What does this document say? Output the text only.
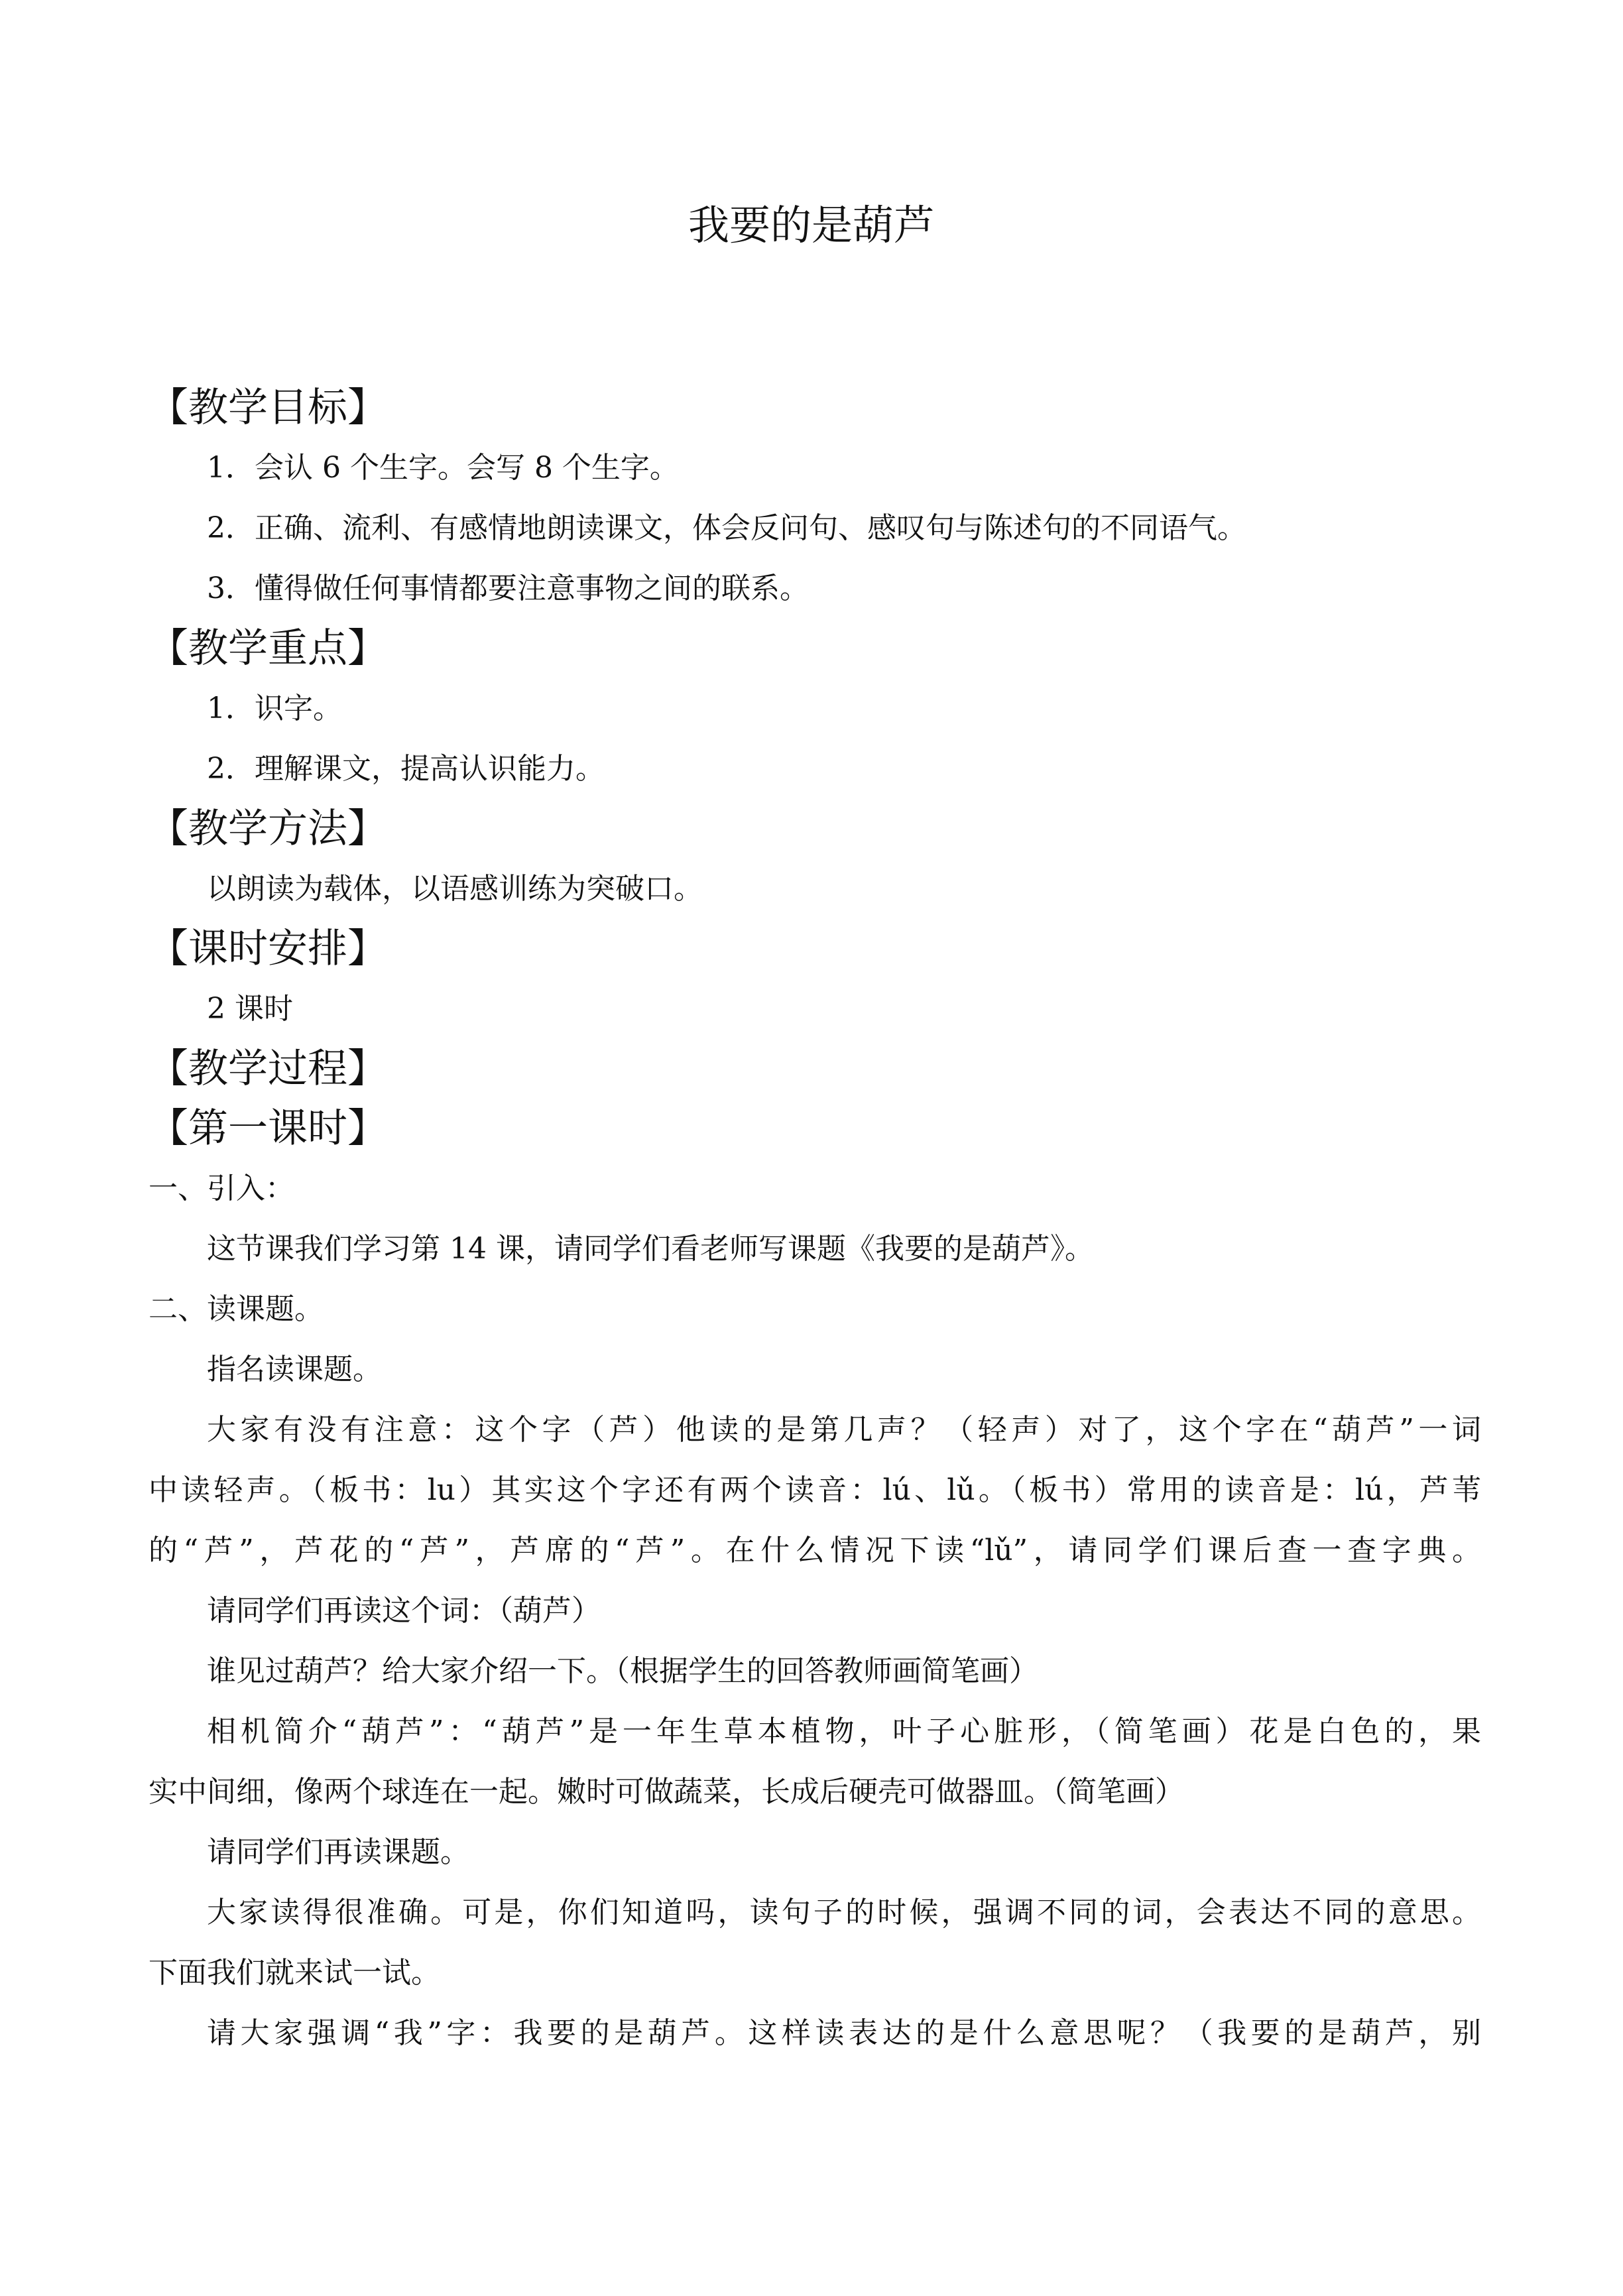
我要的是葫芦
【教学目标】
1．会认 6 个生字。会写 8 个生字。
2．正确、流利、有感情地朗读课文，体会反问句、感叹句与陈述句的不同语气。
3．懂得做任何事情都要注意事物之间的联系。
【教学重点】
1．识字。
2．理解课文，提高认识能力。
【教学方法】
以朗读为载体，以语感训练为突破口。
【课时安排】
2 课时
【教学过程】
【第一课时】
一、引入：
这节课我们学习第 14 课，请同学们看老师写课题《我要的是葫芦》。
二、读课题。
指名读课题。
大家有没有注意：这个字（芦）他读的是第几声？（轻声）对了，这个字在“葫芦”一词
中读轻声。（板书：lu）其实这个字还有两个读音：lú、lǔ。（板书）常用的读音是：lú，芦苇
的“芦”，芦花的“芦”，芦席的“芦”。在什么情况下读“lǔ”，请同学们课后查一查字典。
请同学们再读这个词：（葫芦）
谁见过葫芦？给大家介绍一下。（根据学生的回答教师画简笔画）
相机简介“葫芦”：“葫芦”是一年生草本植物，叶子心脏形，（简笔画）花是白色的，果
实中间细，像两个球连在一起。嫩时可做蔬菜，长成后硬壳可做器皿。（简笔画）
请同学们再读课题。
大家读得很准确。可是，你们知道吗，读句子的时候，强调不同的词，会表达不同的意思。
下面我们就来试一试。
请大家强调“我”字：我要的是葫芦。这样读表达的是什么意思呢？（我要的是葫芦，别
